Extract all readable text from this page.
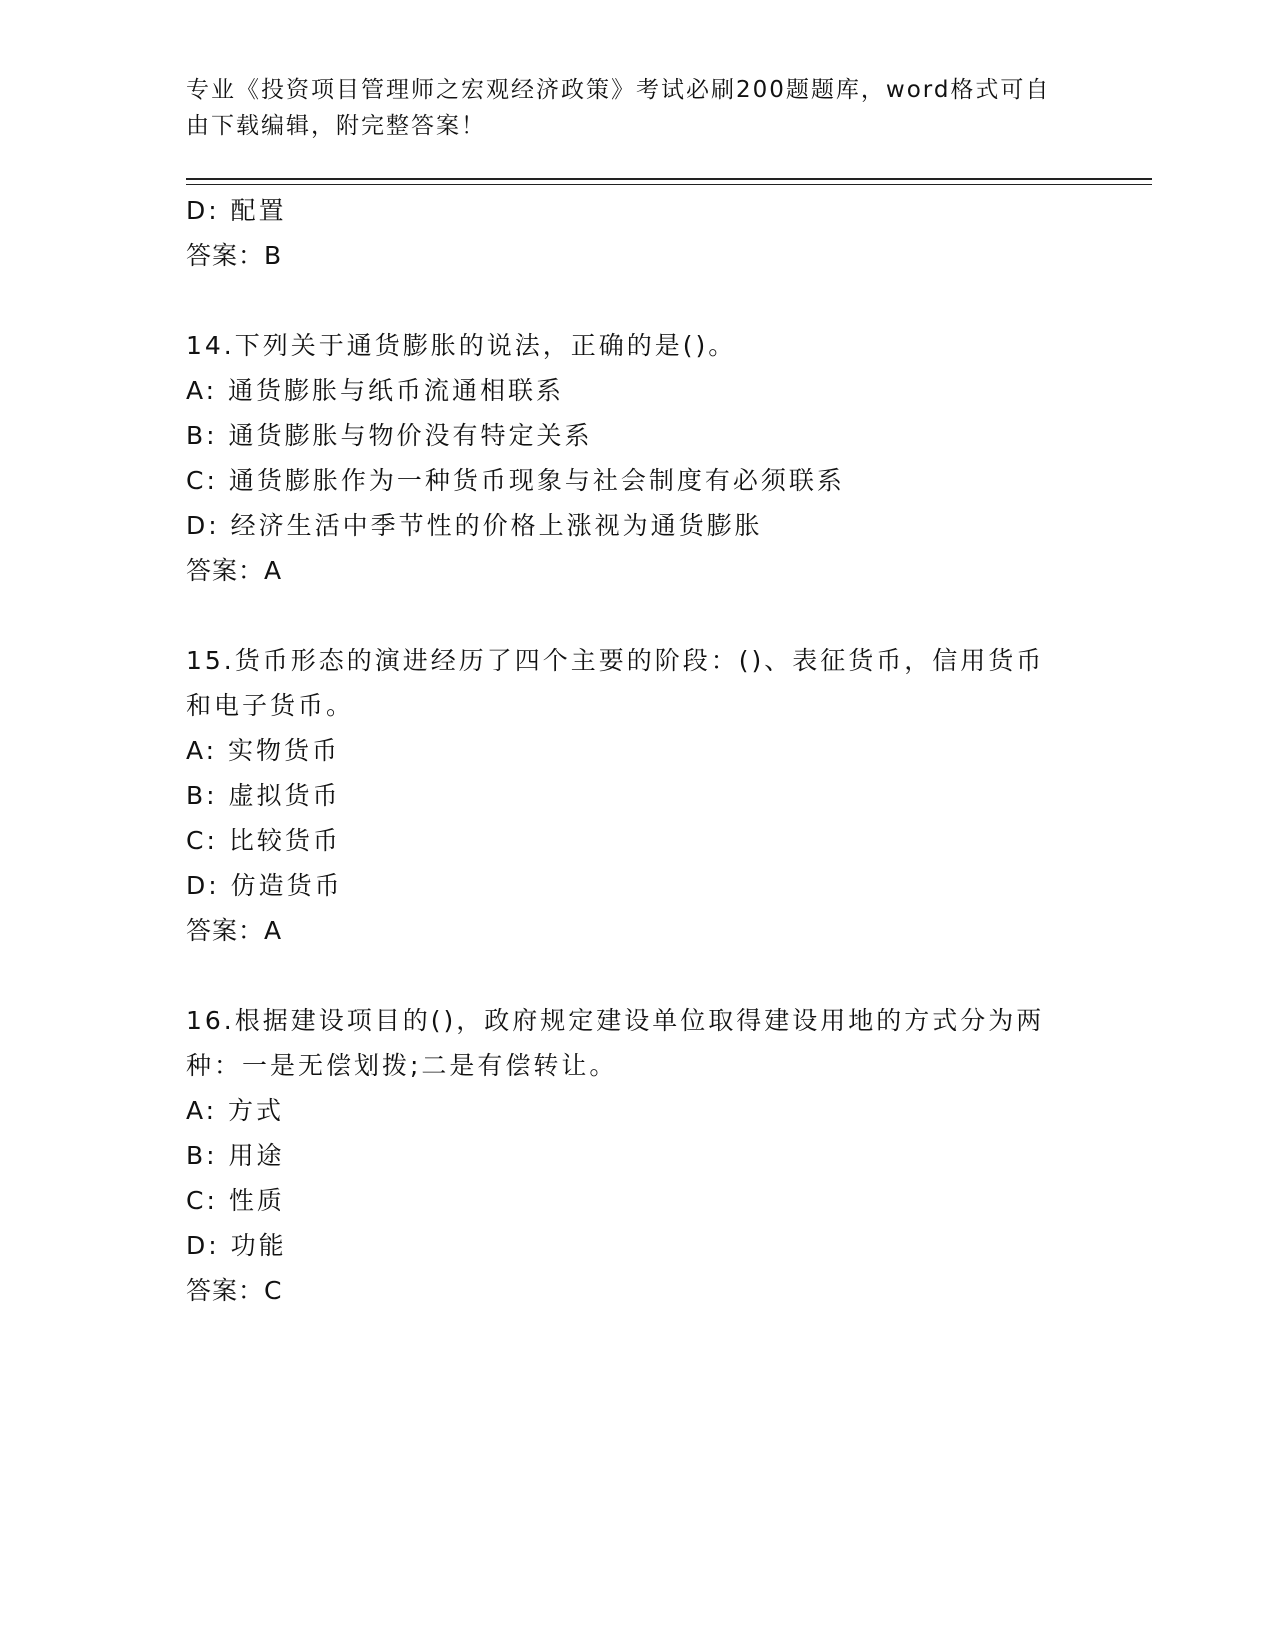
专业《投资项目管理师之宏观经济政策》考试必刷200题题库，word格式可自由下载编辑，附完整答案！
D: 配置
答案：B
14.下列关于通货膨胀的说法，正确的是()。
A: 通货膨胀与纸币流通相联系
B: 通货膨胀与物价没有特定关系
C: 通货膨胀作为一种货币现象与社会制度有必须联系
D: 经济生活中季节性的价格上涨视为通货膨胀
答案：A
15.货币形态的演进经历了四个主要的阶段：()、表征货币，信用货币
和电子货币。
A: 实物货币
B: 虚拟货币
C: 比较货币
D: 仿造货币
答案：A
16.根据建设项目的()，政府规定建设单位取得建设用地的方式分为两
种：一是无偿划拨;二是有偿转让。
A: 方式
B: 用途
C: 性质
D: 功能
答案：C
